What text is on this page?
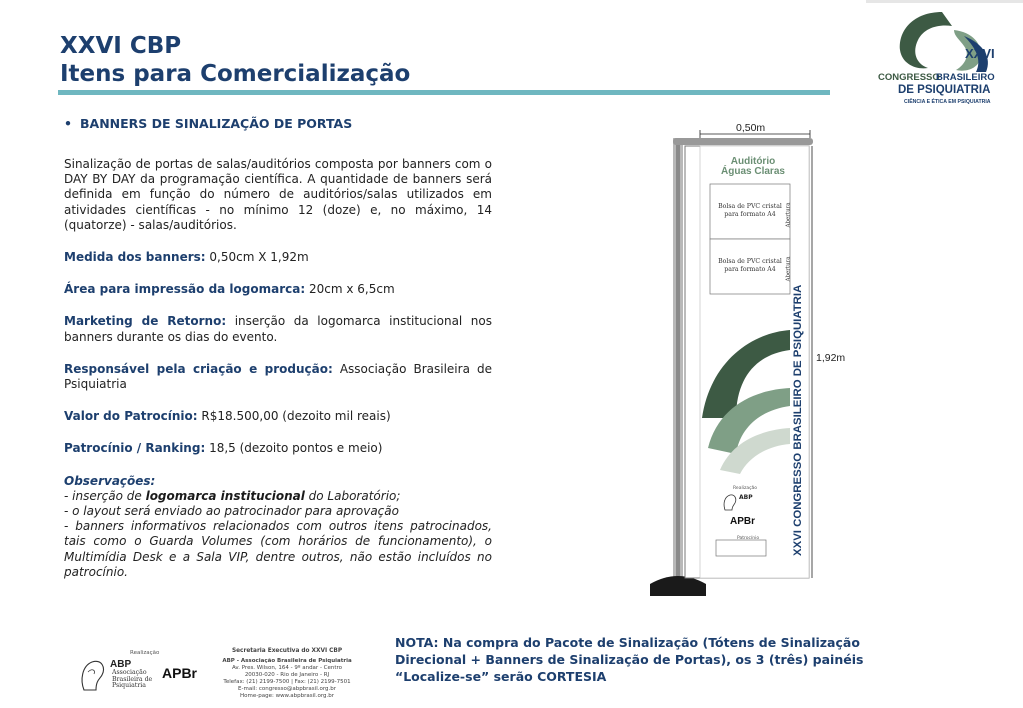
XXVI CBP
Itens para Comercialização
XXVI
CONGRESSO
BRASILEIRO
DE PSIQUIATRIA
CIÊNCIA E ÉTICA EM PSIQUIATRIA
• BANNERS DE SINALIZAÇÃO DE PORTAS

Sinalização de portas de salas/auditórios composta por banners com o DAY BY DAY da programação científica. A quantidade de banners será definida em função do número de auditórios/salas utilizados em atividades científicas - no mínimo 12 (doze) e, no máximo, 14 (quatorze) - salas/auditórios.

Medida dos banners: 0,50cm X 1,92m

Área para impressão da logomarca: 20cm x 6,5cm

Marketing de Retorno: inserção da logomarca institucional nos banners durante os dias do evento.

Responsável pela criação e produção: Associação Brasileira de Psiquiatria

Valor do Patrocínio: R$18.500,00 (dezoito mil reais)

Patrocínio / Ranking: 18,5 (dezoito pontos e meio)

Observações:
- inserção de logomarca institucional do Laboratório;
- o layout será enviado ao patrocinador para aprovação
- banners informativos relacionados com outros itens patrocinados, tais como o Guarda Volumes (com horários de funcionamento), o Multimídia Desk e a Sala VIP, dentre outros, não estão incluídos no patrocínio.
0,50m
1,92m
Auditório
Águas Claras
Bolsa de PVC cristal
para formato A4
Bolsa de PVC cristal
para formato A4
Abertura
Abertura
XXVI CONGRESSO BRASILEIRO DE PSIQUIATRIA
Realização
ABP
APBr
Patrocínio
Realização
ABP
Associação
Brasileira de
Psiquiatria
APBr
Secretaria Executiva do XXVI CBP
ABP - Associação Brasileira de Psiquiatria
Av. Pres. Wilson, 164 - 9º andar - Centro
20030-020 - Rio de Janeiro - RJ
Telefax: (21) 2199-7500 | Fax: (21) 2199-7501
E-mail: congresso@abpbrasil.org.br
Home-page: www.abpbrasil.org.br
NOTA: Na compra do Pacote de Sinalização (Tótens de Sinalização Direcional + Banners de Sinalização de Portas), os 3 (três) painéis “Localize-se” serão CORTESIA
